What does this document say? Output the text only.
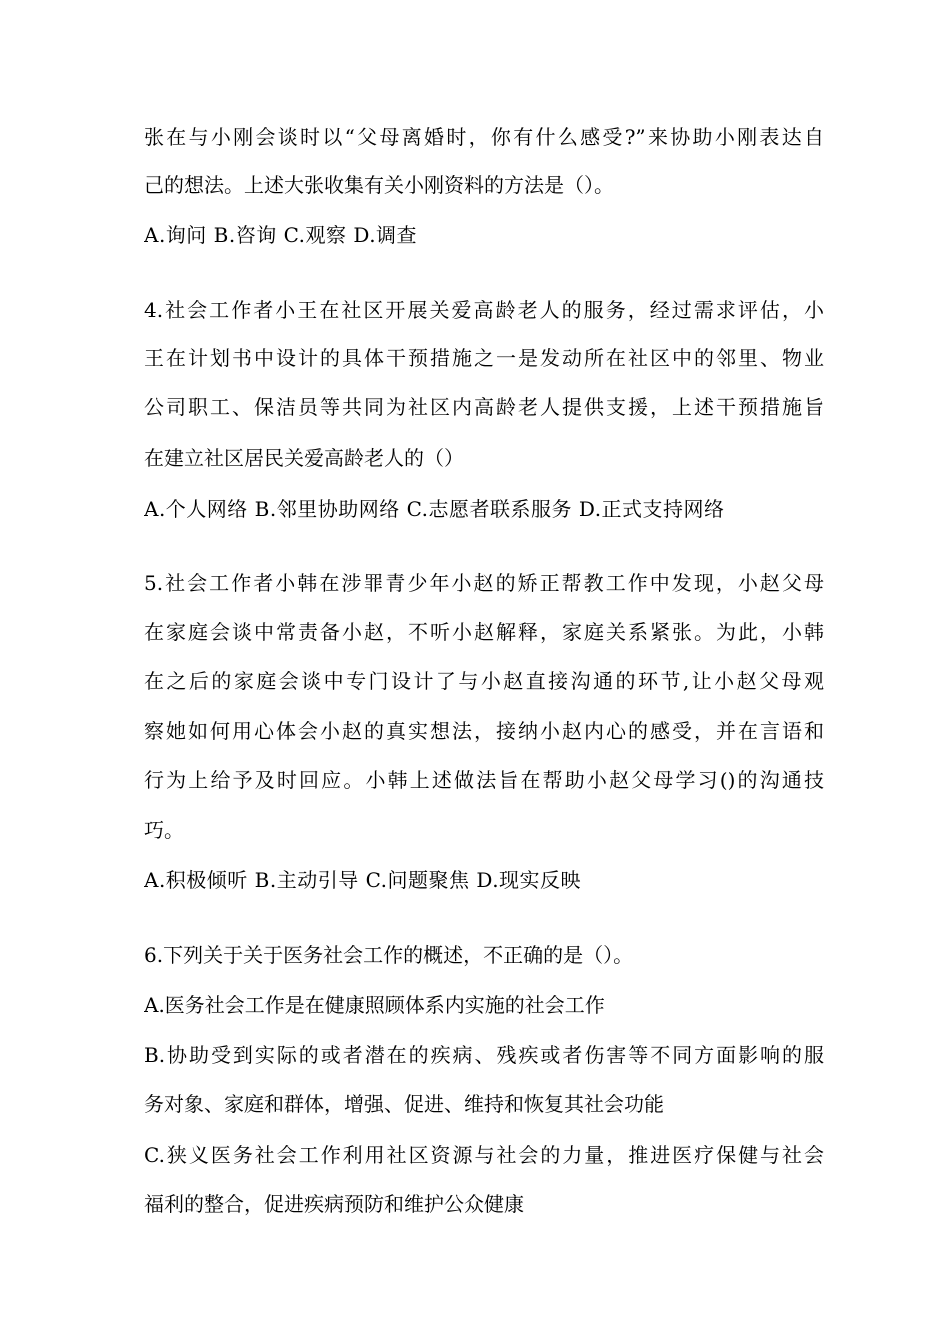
张在与小刚会谈时以“父母离婚时，你有什么感受?”来协助小刚表达自
己的想法。上述大张收集有关小刚资料的方法是（）。
A.询问 B.咨询 C.观察 D.调查
4.社会工作者小王在社区开展关爱高龄老人的服务，经过需求评估，小
王在计划书中设计的具体干预措施之一是发动所在社区中的邻里、物业
公司职工、保洁员等共同为社区内高龄老人提供支援，上述干预措施旨
在建立社区居民关爱高龄老人的（）
A.个人网络 B.邻里协助网络 C.志愿者联系服务 D.正式支持网络
5.社会工作者小韩在涉罪青少年小赵的矫正帮教工作中发现，小赵父母
在家庭会谈中常责备小赵，不听小赵解释，家庭关系紧张。为此，小韩
在之后的家庭会谈中专门设计了与小赵直接沟通的环节,让小赵父母观
察她如何用心体会小赵的真实想法，接纳小赵内心的感受，并在言语和
行为上给予及时回应。小韩上述做法旨在帮助小赵父母学习()的沟通技
巧。
A.积极倾听 B.主动引导 C.问题聚焦 D.现实反映
6.下列关于关于医务社会工作的概述，不正确的是（）。
A.医务社会工作是在健康照顾体系内实施的社会工作
B.协助受到实际的或者潜在的疾病、残疾或者伤害等不同方面影响的服
务对象、家庭和群体，增强、促进、维持和恢复其社会功能
C.狭义医务社会工作利用社区资源与社会的力量，推进医疗保健与社会
福利的整合，促进疾病预防和维护公众健康
